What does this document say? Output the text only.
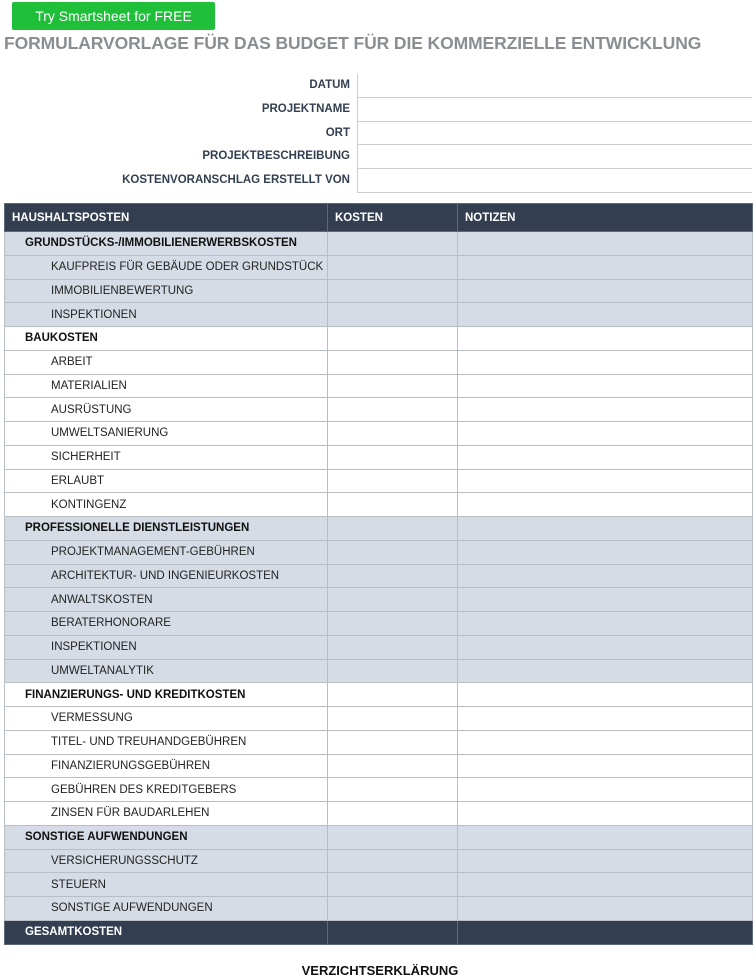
Try Smartsheet for FREE
FORMULARVORLAGE FÜR DAS BUDGET FÜR DIE KOMMERZIELLE ENTWICKLUNG
DATUM
PROJEKTNAME
ORT
PROJEKTBESCHREIBUNG
KOSTENVORANSCHLAG ERSTELLT VON
HAUSHALTSPOSTEN	KOSTEN	NOTIZEN
GRUNDSTÜCKS-/IMMOBILIENERWERBSKOSTEN		
KAUFPREIS FÜR GEBÄUDE ODER GRUNDSTÜCK		
IMMOBILIENBEWERTUNG		
INSPEKTIONEN		
BAUKOSTEN		
ARBEIT		
MATERIALIEN		
AUSRÜSTUNG		
UMWELTSANIERUNG		
SICHERHEIT		
ERLAUBT		
KONTINGENZ		
PROFESSIONELLE DIENSTLEISTUNGEN		
PROJEKTMANAGEMENT-GEBÜHREN		
ARCHITEKTUR- UND INGENIEURKOSTEN		
ANWALTSKOSTEN		
BERATERHONORARE		
INSPEKTIONEN		
UMWELTANALYTIK		
FINANZIERUNGS- UND KREDITKOSTEN		
VERMESSUNG		
TITEL- UND TREUHANDGEBÜHREN		
FINANZIERUNGSGEBÜHREN		
GEBÜHREN DES KREDITGEBERS		
ZINSEN FÜR BAUDARLEHEN		
SONSTIGE AUFWENDUNGEN		
VERSICHERUNGSSCHUTZ		
STEUERN		
SONSTIGE AUFWENDUNGEN		
GESAMTKOSTEN		
VERZICHTSERKLÄRUNG
